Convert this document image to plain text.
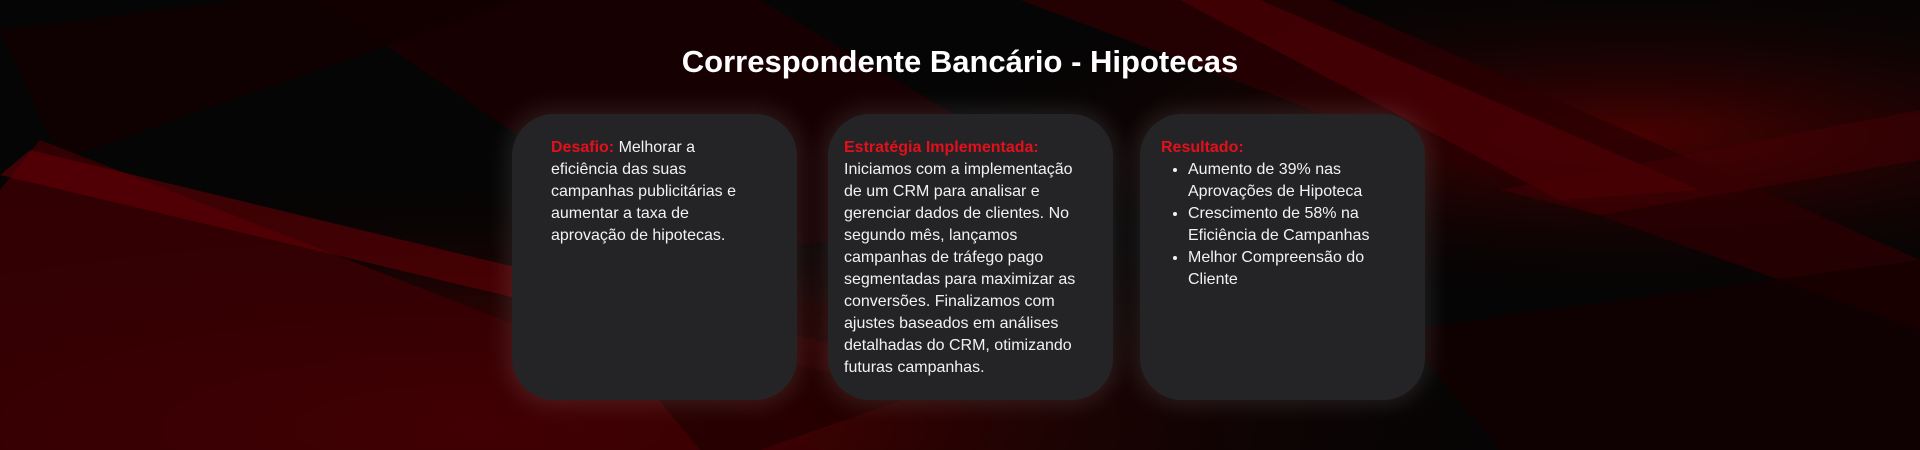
Correspondente Bancário - Hipotecas
Desafio: Melhorar a eficiência das suas campanhas publicitárias e aumentar a taxa de aprovação de hipotecas.
Estratégia Implementada:
Iniciamos com a implementação de um CRM para analisar e gerenciar dados de clientes. No segundo mês, lançamos campanhas de tráfego pago segmentadas para maximizar as conversões. Finalizamos com ajustes baseados em análises detalhadas do CRM, otimizando futuras campanhas.
Resultado:
• Aumento de 39% nas Aprovações de Hipoteca
• Crescimento de 58% na Eficiência de Campanhas
• Melhor Compreensão do Cliente
